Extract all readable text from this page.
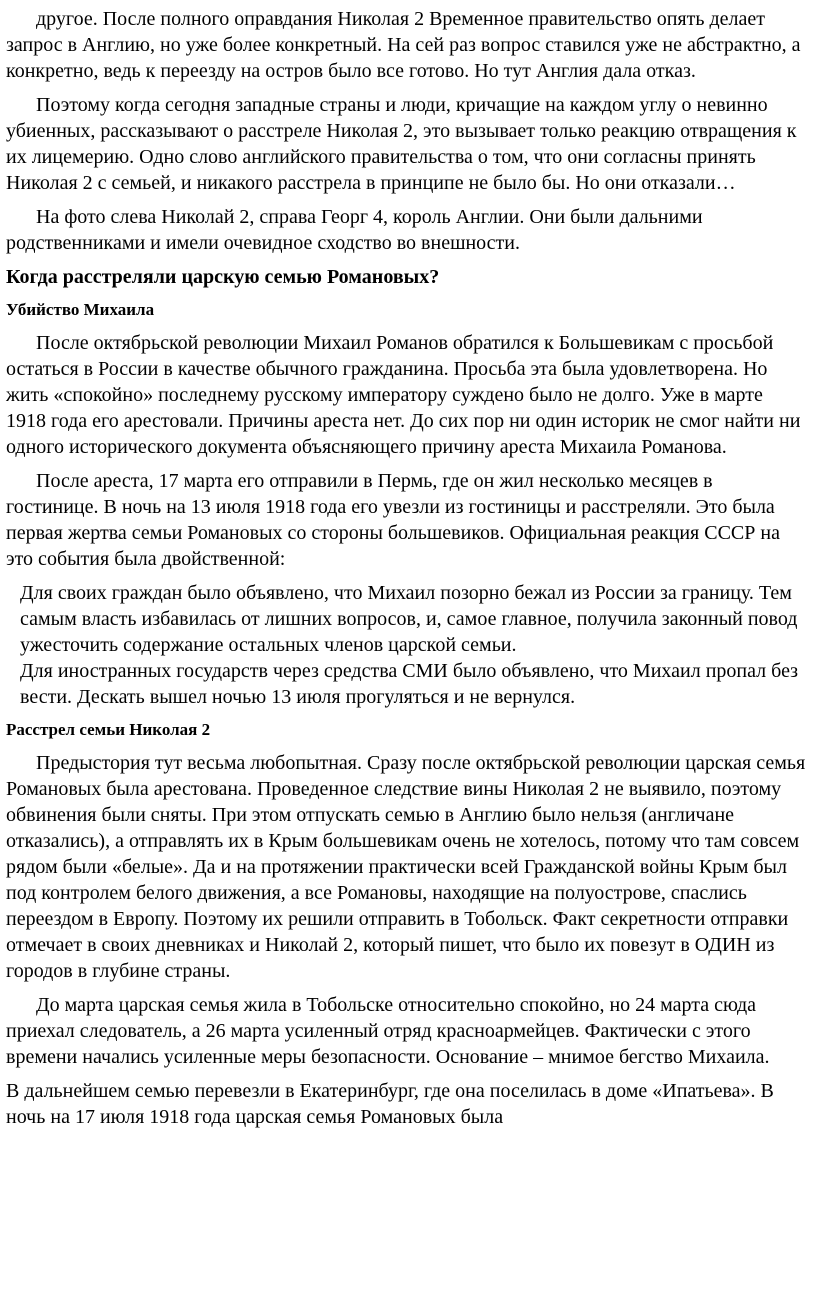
другое. После полного оправдания Николая 2 Временное правительство опять делает запрос в Англию, но уже более конкретный. На сей раз вопрос ставился уже не абстрактно, а конкретно, ведь к переезду на остров было все готово. Но тут Англия дала отказ.

Поэтому когда сегодня западные страны и люди, кричащие на каждом углу о невинно убиенных, рассказывают о расстреле Николая 2, это вызывает только реакцию отвращения к их лицемерию. Одно слово английского правительства о том, что они согласны принять Николая 2 с семьей, и никакого расстрела в принципе не было бы. Но они отказали…

На фото слева Николай 2, справа Георг 4, король Англии. Они были дальними родственниками и имели очевидное сходство во внешности.

Когда расстреляли царскую семью Романовых?
Убийство Михаила

После октябрьской революции Михаил Романов обратился к Большевикам с просьбой остаться в России в качестве обычного гражданина. Просьба эта была удовлетворена. Но жить «спокойно» последнему русскому императору суждено было не долго. Уже в марте 1918 года его арестовали. Причины ареста нет. До сих пор ни один историк не смог найти ни одного исторического документа объясняющего причину ареста Михаила Романова.

После ареста, 17 марта его отправили в Пермь, где он жил несколько месяцев в гостинице. В ночь на 13 июля 1918 года его увезли из гостиницы и расстреляли. Это была первая жертва семьи Романовых со стороны большевиков. Официальная реакция СССР на это события была двойственной:

Для своих граждан было объявлено, что Михаил позорно бежал из России за границу. Тем самым власть избавилась от лишних вопросов, и, самое главное, получила законный повод ужесточить содержание остальных членов царской семьи.

Для иностранных государств через средства СМИ было объявлено, что Михаил пропал без вести. Дескать вышел ночью 13 июля прогуляться и не вернулся.

Расстрел семьи Николая 2

Предыстория тут весьма любопытная. Сразу после октябрьской революции царская семья Романовых была арестована. Проведенное следствие вины Николая 2 не выявило, поэтому обвинения были сняты. При этом отпускать семью в Англию было нельзя (англичане отказались), а отправлять их в Крым большевикам очень не хотелось, потому что там совсем рядом были «белые». Да и на протяжении практически всей Гражданской войны Крым был под контролем белого движения, а все Романовы, находящие на полуострове, спаслись переездом в Европу. Поэтому их решили отправить в Тобольск. Факт секретности отправки отмечает в своих дневниках и Николай 2, который пишет, что было их повезут в ОДИН из городов в глубине страны.

До марта царская семья жила в Тобольске относительно спокойно, но 24 марта сюда приехал следователь, а 26 марта усиленный отряд красноармейцев. Фактически с этого времени начались усиленные меры безопасности. Основание – мнимое бегство Михаила.

В дальнейшем семью перевезли в Екатеринбург, где она поселилась в доме «Ипатьева». В ночь на 17 июля 1918 года царская семья Романовых была
